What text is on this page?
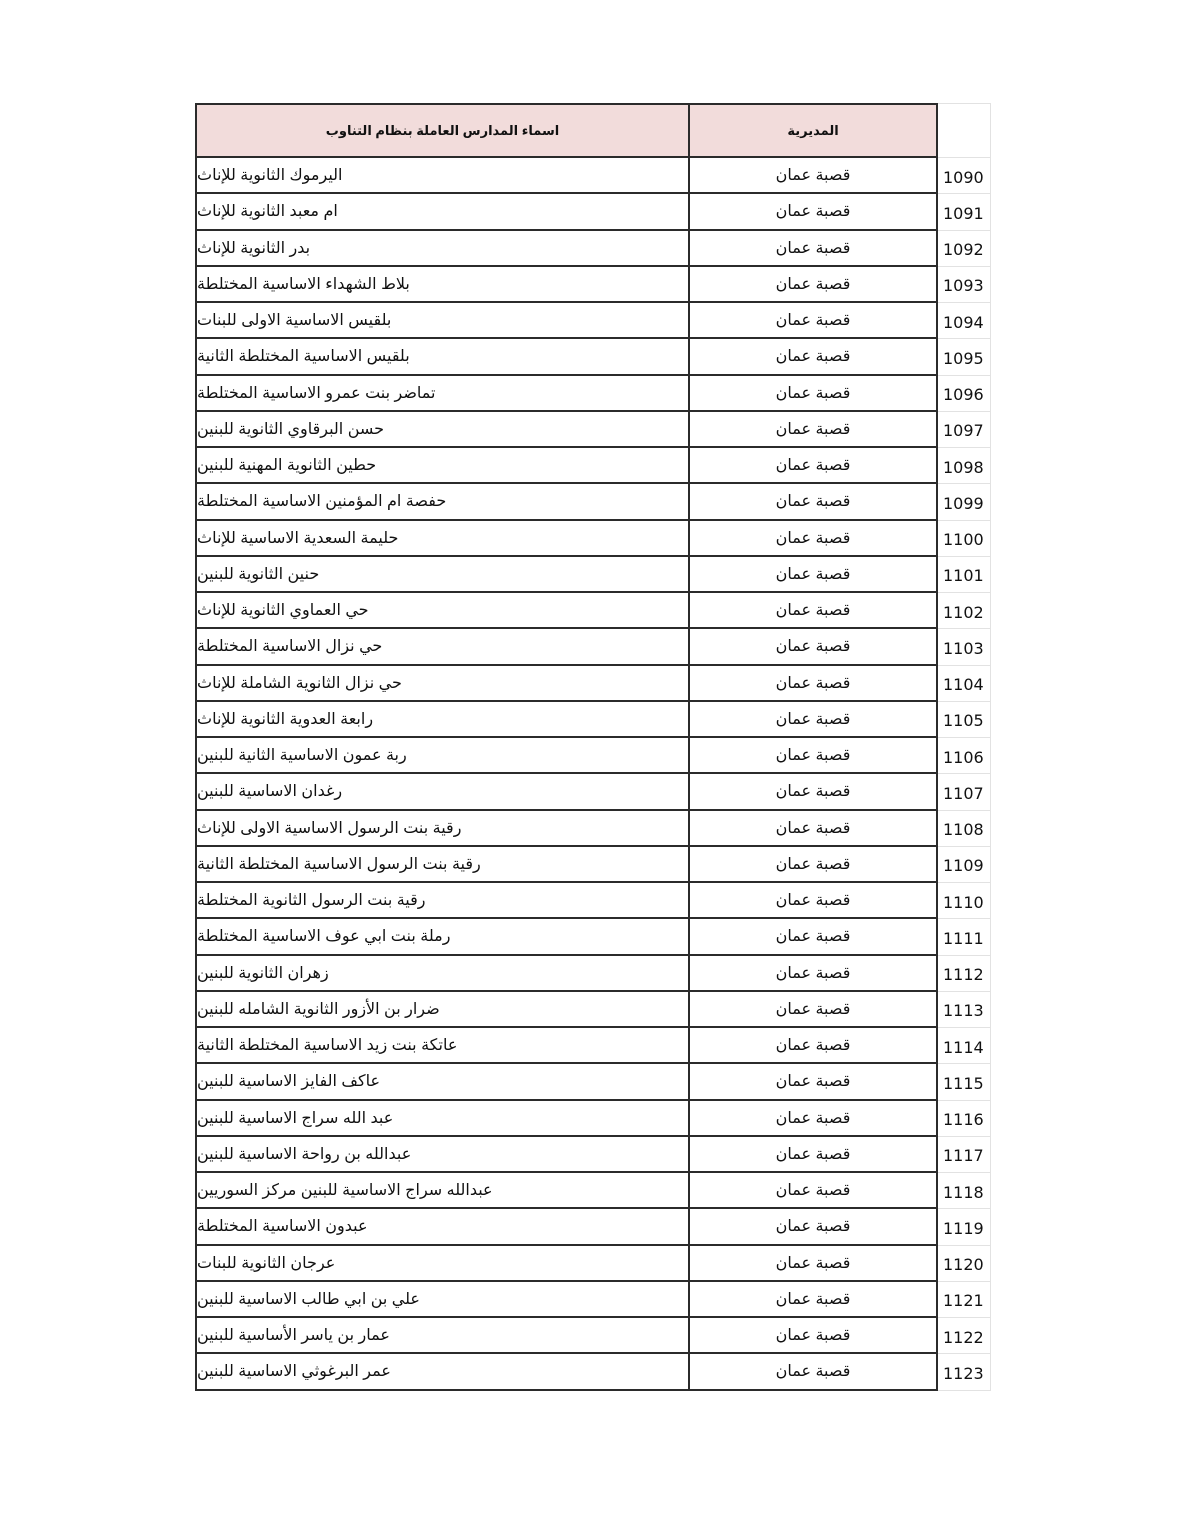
اسماء المدارس العاملة بنظام التناوب	المديرية
اليرموك الثانوية للإناث	قصبة عمان	1090
ام معبد الثانوية للإناث	قصبة عمان	1091
بدر الثانوية للإناث	قصبة عمان	1092
بلاط الشهداء الاساسية المختلطة	قصبة عمان	1093
بلقيس الاساسية الاولى للبنات	قصبة عمان	1094
بلقيس الاساسية المختلطة الثانية	قصبة عمان	1095
تماضر بنت عمرو الاساسية المختلطة	قصبة عمان	1096
حسن البرقاوي الثانوية للبنين	قصبة عمان	1097
حطين الثانوية المهنية للبنين	قصبة عمان	1098
حفصة ام المؤمنين الاساسية المختلطة	قصبة عمان	1099
حليمة السعدية الاساسية للإناث	قصبة عمان	1100
حنين الثانوية للبنين	قصبة عمان	1101
حي العماوي الثانوية للإناث	قصبة عمان	1102
حي نزال الاساسية المختلطة	قصبة عمان	1103
حي نزال الثانوية الشاملة للإناث	قصبة عمان	1104
رابعة العدوية الثانوية للإناث	قصبة عمان	1105
ربة عمون الاساسية الثانية للبنين	قصبة عمان	1106
رغدان الاساسية للبنين	قصبة عمان	1107
رقية بنت الرسول الاساسية الاولى للإناث	قصبة عمان	1108
رقية بنت الرسول الاساسية المختلطة الثانية	قصبة عمان	1109
رقية بنت الرسول الثانوية المختلطة	قصبة عمان	1110
رملة بنت ابي عوف الاساسية المختلطة	قصبة عمان	1111
زهران الثانوية للبنين	قصبة عمان	1112
ضرار بن الأزور الثانوية الشامله للبنين	قصبة عمان	1113
عاتكة بنت زيد الاساسية المختلطة الثانية	قصبة عمان	1114
عاكف الفايز الاساسية للبنين	قصبة عمان	1115
عبد الله سراج الاساسية للبنين	قصبة عمان	1116
عبدالله بن رواحة الاساسية للبنين	قصبة عمان	1117
عبدالله سراج الاساسية للبنين مركز السوريين	قصبة عمان	1118
عبدون الاساسية المختلطة	قصبة عمان	1119
عرجان الثانوية للبنات	قصبة عمان	1120
علي بن ابي طالب الاساسية للبنين	قصبة عمان	1121
عمار بن ياسر الأساسية للبنين	قصبة عمان	1122
عمر البرغوثي الاساسية للبنين	قصبة عمان	1123
